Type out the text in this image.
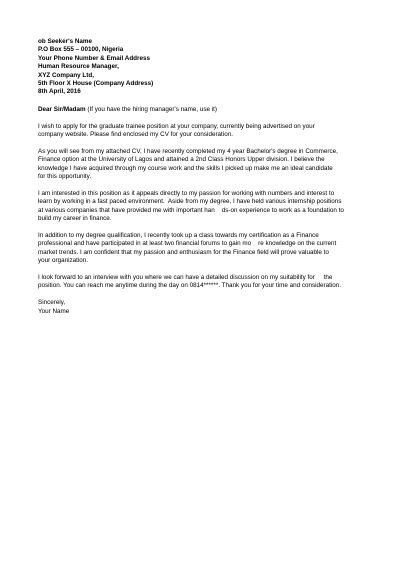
ob Seeker's Name
P.O Box 555 – 00100, Nigeria
Your Phone Number & Email Address
Human Resource Manager,
XYZ Company Ltd,
5th Floor X House (Company Address)
8th April, 2016
Dear Sir/Madam (If you have the hiring manager's name, use it)
I wish to apply for the graduate trainee position at your company, currently being advertised on your
company website. Please find enclosed my CV for your consideration.
As you will see from my attached CV, I have recently completed my 4 year Bachelor's degree in Commerce,
Finance option at the University of Lagos and attained a 2nd Class Honors Upper division. I believe the
knowledge I have acquired through my course work and the skills I picked up make me an ideal candidate
for this opportunity.
I am interested in this position as it appeals directly to my passion for working with numbers and interest to
learn by working in a fast paced environment.  Aside from my degree, I have held various internship positions
at various companies that have provided me with important han    ds-on experience to work as a foundation to
build my career in finance.
In addition to my degree qualification, I recently took up a class towards my certification as a Finance
professional and have participated in at least two financial forums to gain mo    re knowledge on the current
market trends. I am confident that my passion and enthusiasm for the Finance field will prove valuable to
your organization.
I look forward to an interview with you where we can have a detailed discussion on my suitability for     the
position. You can reach me anytime during the day on 0814******. Thank you for your time and consideration.
Sincerely,
Your Name
